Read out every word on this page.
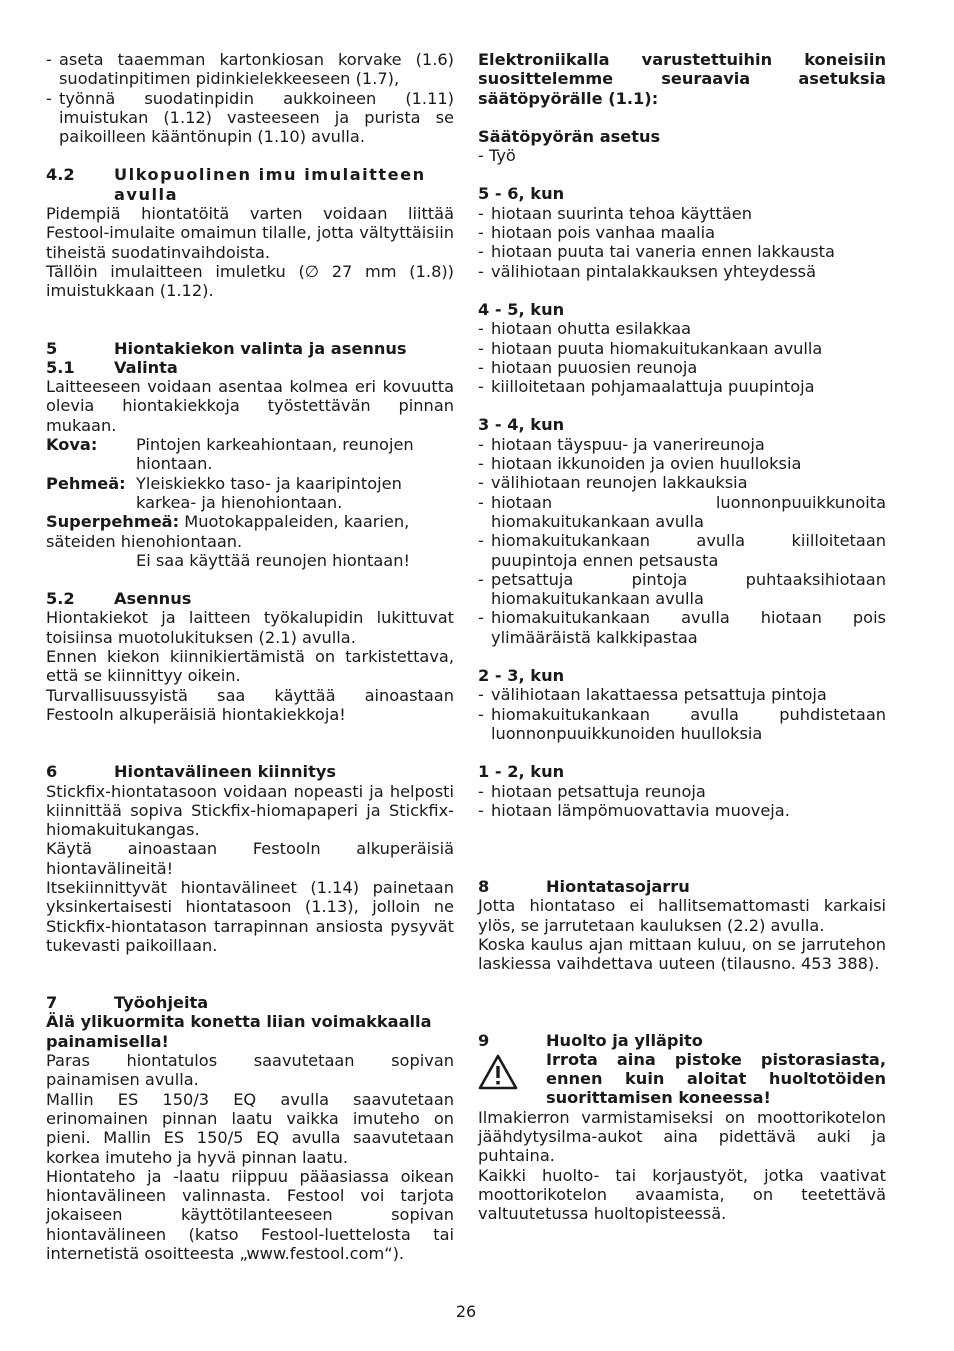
- aseta taaemman kartonkiosan korvake (1.6) suodatinpitimen pidinkielekkeeseen (1.7),
- työnnä suodatinpidin aukkoineen (1.11) imuistukan (1.12) vasteeseen ja purista se paikoilleen kääntönupin (1.10) avulla.
4.2	Ulkopuolinen imu imulaitteen avulla

Pidempiä hiontatöitä varten voidaan liittää Festool-imulaite omaimun tilalle, jotta vältyttäisiin tiheistä suodatinvaihdoista.

Tällöin imulaitteen imuletku (∅ 27 mm (1.8)) imuistukkaan (1.12).

5	Hiontakiekon valinta ja asennus
5.1	Valinta

Laitteeseen voidaan asentaa kolmea eri kovuutta olevia hiontakiekkoja työstettävän pinnan mukaan.

Kova:	Pintojen karkeahiontaan, reunojen hiontaan.
Pehmeä: Yleiskiekko taso- ja kaaripintojen karkea- ja hienohiontaan.
Superpehmeä: Muotokappaleiden, kaarien, säteiden hienohiontaan.
Ei saa käyttää reunojen hiontaan!
5.2	Asennus

Hiontakiekot ja laitteen työkalupidin lukittuvat toisiinsa muotolukituksen (2.1) avulla.

Ennen kiekon kiinnikiertämistä on tarkistettava, että se kiinnittyy oikein.

Turvallisuussyistä saa käyttää ainoastaan Festooln alkuperäisiä hiontakiekkoja!

6	Hiontavälineen kiinnitys

Stickfix-hiontatasoon voidaan nopeasti ja helposti kiinnittää sopiva Stickfix-hiomapaperi ja Stickfix-hiomakuitukangas.

Käytä ainoastaan Festooln alkuperäisiä hiontavälineitä!

Itsekiinnittyvät hiontavälineet (1.14) painetaan yksinkertaisesti hiontatasoon (1.13), jolloin ne Stickfix-hiontatason tarrapinnan ansiosta pysyvät tukevasti paikoillaan.

7	Työohjeita

Älä ylikuormita konetta liian voimakkaalla painamisella!

Paras hiontatulos saavutetaan sopivan painamisen avulla.

Mallin ES 150/3 EQ avulla saavutetaan erinomainen pinnan laatu vaikka imuteho on pieni. Mallin ES 150/5 EQ avulla saavutetaan korkea imuteho ja hyvä pinnan laatu.

Hiontateho ja -laatu riippuu pääasiassa oikean hiontavälineen valinnasta. Festool voi tarjota jokaiseen käyttötilanteeseen sopivan hiontavälineen (katso Festool-luettelosta tai internetistä osoitteesta „www.festool.com“).

Elektroniikalla varustettuihin koneisiin suosittelemme seuraavia asetuksia säätöpyörälle (1.1):

Säätöpyörän asetus

- Työ

5 - 6, kun

- hiotaan suurinta tehoa käyttäen
- hiotaan pois vanhaa maalia
- hiotaan puuta tai vaneria ennen lakkausta
- välihiotaan pintalakkauksen yhteydessä

4 - 5, kun

- hiotaan ohutta esilakkaa
- hiotaan puuta hiomakuitukankaan avulla
- hiotaan puuosien reunoja
- kiilloitetaan pohjamaalattuja puupintoja

3 - 4, kun

- hiotaan täyspuu- ja vanerireunoja
- hiotaan ikkunoiden ja ovien huulloksia
- välihiotaan reunojen lakkauksia
- hiotaan luonnonpuuikkunoita hiomakuitukankaan avulla
- hiomakuitukankaan avulla kiilloitetaan puupintoja ennen petsausta
- petsattuja pintoja puhtaaksihiotaan hiomakuitukankaan avulla
- hiomakuitukankaan avulla hiotaan pois ylimääräistä kalkkipastaa

2 - 3, kun

- välihiotaan lakattaessa petsattuja pintoja
- hiomakuitukankaan avulla puhdistetaan luonnonpuuikkunoiden huulloksia

1 - 2, kun

- hiotaan petsattuja reunoja
- hiotaan lämpömuovattavia muoveja.
8	Hiontatasojarru

Jotta hiontataso ei hallitsemattomasti karkaisi ylös, se jarrutetaan kauluksen (2.2) avulla.

Koska kaulus ajan mittaan kuluu, on se jarrutehon laskiessa vaihdettava uuteen (tilausno. 453 388).

9	Huolto ja ylläpito

Irrota aina pistoke pistorasiasta, ennen kuin aloitat huoltotöiden suorittamisen koneessa!

Ilmakierron varmistamiseksi on moottorikotelon jäähdytysilma-aukot aina pidettävä auki ja puhtaina.

Kaikki huolto- tai korjaustyöt, jotka vaativat moottorikotelon avaamista, on teetettävä valtuutetussa huoltopisteessä.

26
